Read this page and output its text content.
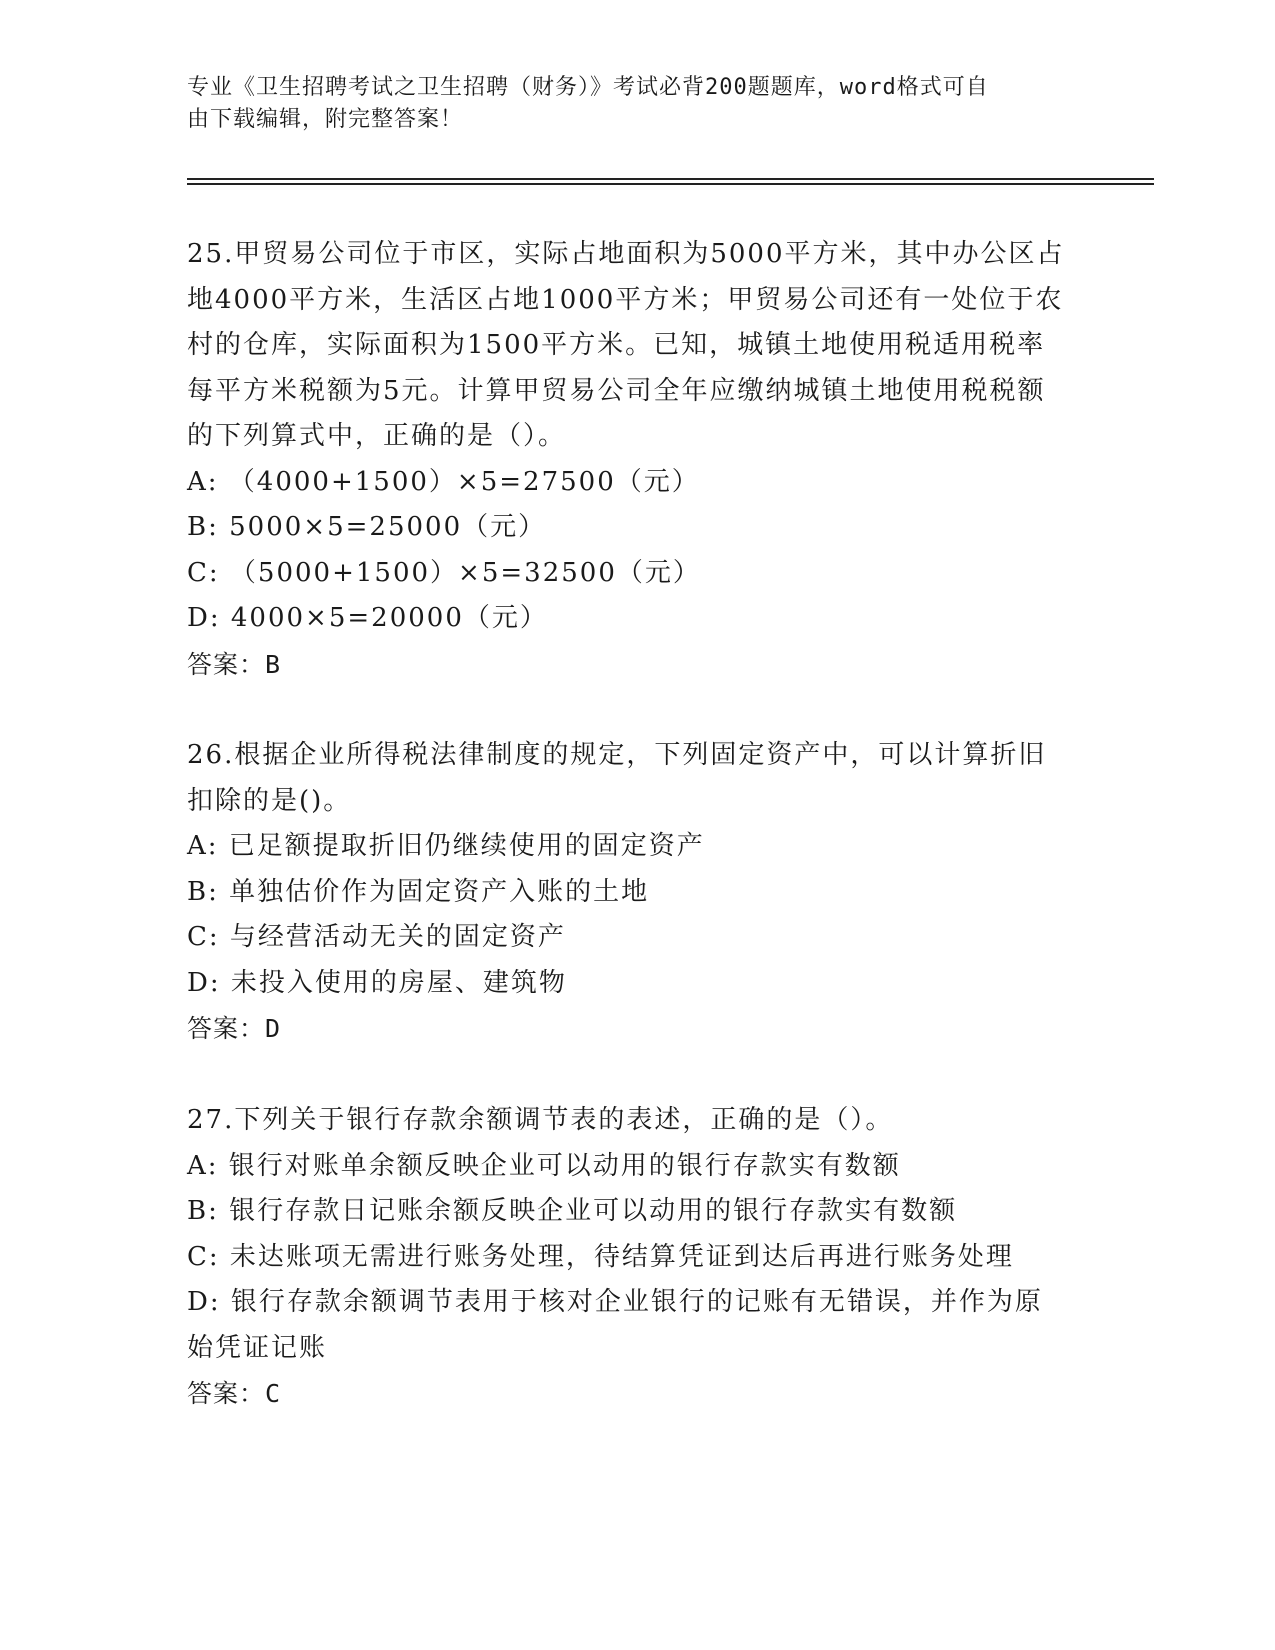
专业《卫生招聘考试之卫生招聘（财务）》考试必背200题题库，word格式可自
由下载编辑，附完整答案！

25.甲贸易公司位于市区，实际占地面积为5000平方米，其中办公区占地4000平方米，生活区占地1000平方米；甲贸易公司还有一处位于农村的仓库，实际面积为1500平方米。已知，城镇土地使用税适用税率每平方米税额为5元。计算甲贸易公司全年应缴纳城镇土地使用税税额的下列算式中，正确的是（）。

A: （4000+1500）×5=27500（元）
B: 5000×5=25000（元）
C: （5000+1500）×5=32500（元）
D: 4000×5=20000（元）

答案：B

26.根据企业所得税法律制度的规定，下列固定资产中，可以计算折旧扣除的是()。

A: 已足额提取折旧仍继续使用的固定资产
B: 单独估价作为固定资产入账的土地
C: 与经营活动无关的固定资产
D: 未投入使用的房屋、建筑物

答案：D

27.下列关于银行存款余额调节表的表述，正确的是（）。

A: 银行对账单余额反映企业可以动用的银行存款实有数额
B: 银行存款日记账余额反映企业可以动用的银行存款实有数额
C: 未达账项无需进行账务处理，待结算凭证到达后再进行账务处理
D: 银行存款余额调节表用于核对企业银行的记账有无错误，并作为原始凭证记账

答案：C
